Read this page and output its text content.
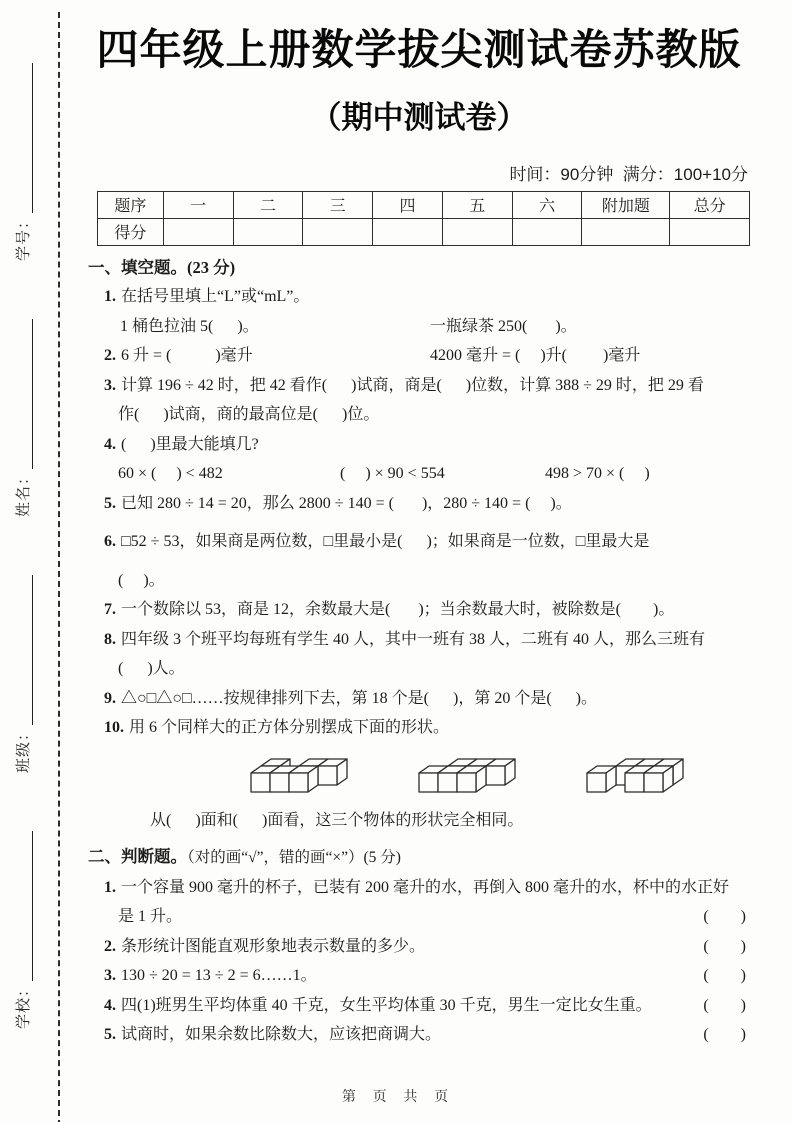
学校：
班级：
姓名：
学号：
四年级上册数学拔尖测试卷苏教版
（期中测试卷）
时间：90分钟  满分：100+10分
题序	一	二	三	四	五	六	附加题	总分
得分								
一、填空题。(23 分)
1. 在括号里填上“L”或“mL”。
1 桶色拉油 5(      )。	一瓶绿茶 250(       )。
2. 6 升 = (           )毫升	4200 毫升 = (     )升(         )毫升
3. 计算 196 ÷ 42 时，把 42 看作(      )试商，商是(      )位数，计算 388 ÷ 29 时，把 29 看
作(      )试商，商的最高位是(      )位。
4. (      )里最大能填几?
60 × (     ) < 482	(     ) × 90 < 554	498 > 70 × (     )
5. 已知 280 ÷ 14 = 20，那么 2800 ÷ 140 = (       )，280 ÷ 140 = (     )。
6. □52 ÷ 53，如果商是两位数，□里最小是(      )；如果商是一位数，□里最大是
(     )。
7. 一个数除以 53，商是 12，余数最大是(       )；当余数最大时，被除数是(        )。
8. 四年级 3 个班平均每班有学生 40 人，其中一班有 38 人，二班有 40 人，那么三班有
(      )人。
9. △○□△○□……按规律排列下去，第 18 个是(      )，第 20 个是(      )。
10. 用 6 个同样大的正方体分别摆成下面的形状。
从(      )面和(      )面看，这三个物体的形状完全相同。
二、判断题。（对的画“√”，错的画“×”）(5 分)
1. 一个容量 900 毫升的杯子，已装有 200 毫升的水，再倒入 800 毫升的水，杯中的水正好
是 1 升。	(        )
2. 条形统计图能直观形象地表示数量的多少。	(        )
3. 130 ÷ 20 = 13 ÷ 2 = 6……1。	(        )
4. 四(1)班男生平均体重 40 千克，女生平均体重 30 千克，男生一定比女生重。	(        )
5. 试商时，如果余数比除数大，应该把商调大。	(        )
第  页  共  页
